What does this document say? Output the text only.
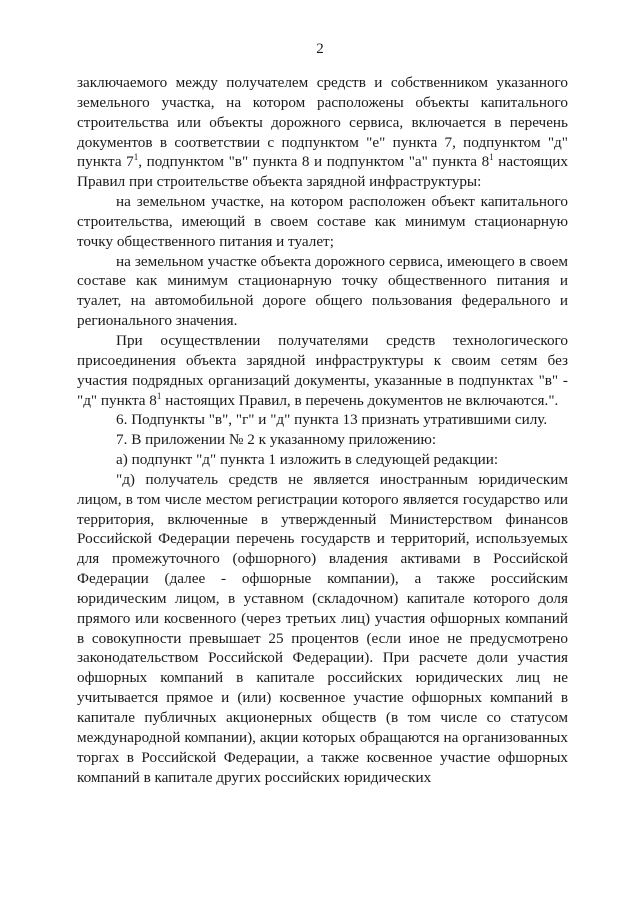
2

заключаемого между получателем средств и собственником указанного земельного участка, на котором расположены объекты капитального строительства или объекты дорожного сервиса, включается в перечень документов в соответствии с подпунктом "е" пункта 7, подпунктом "д" пункта $7^1$, подпунктом "в" пункта 8 и подпунктом "а" пункта $8^1$ настоящих Правил при строительстве объекта зарядной инфраструктуры:

на земельном участке, на котором расположен объект капитального строительства, имеющий в своем составе как минимум стационарную точку общественного питания и туалет;

на земельном участке объекта дорожного сервиса, имеющего в своем составе как минимум стационарную точку общественного питания и туалет, на автомобильной дороге общего пользования федерального и регионального значения.

При осуществлении получателями средств технологического присоединения объекта зарядной инфраструктуры к своим сетям без участия подрядных организаций документы, указанные в подпунктах "в" - "д" пункта $8^1$ настоящих Правил, в перечень документов не включаются.".

6. Подпункты "в", "г" и "д" пункта 13 признать утратившими силу.

7. В приложении № 2 к указанному приложению:

а) подпункт "д" пункта 1 изложить в следующей редакции:

"д) получатель средств не является иностранным юридическим лицом, в том числе местом регистрации которого является государство или территория, включенные в утвержденный Министерством финансов Российской Федерации перечень государств и территорий, используемых для промежуточного (офшорного) владения активами в Российской Федерации (далее - офшорные компании), а также российским юридическим лицом, в уставном (складочном) капитале которого доля прямого или косвенного (через третьих лиц) участия офшорных компаний в совокупности превышает 25 процентов (если иное не предусмотрено законодательством Российской Федерации). При расчете доли участия офшорных компаний в капитале российских юридических лиц не учитывается прямое и (или) косвенное участие офшорных компаний в капитале публичных акционерных обществ (в том числе со статусом международной компании), акции которых обращаются на организованных торгах в Российской Федерации, а также косвенное участие офшорных компаний в капитале других российских юридических
